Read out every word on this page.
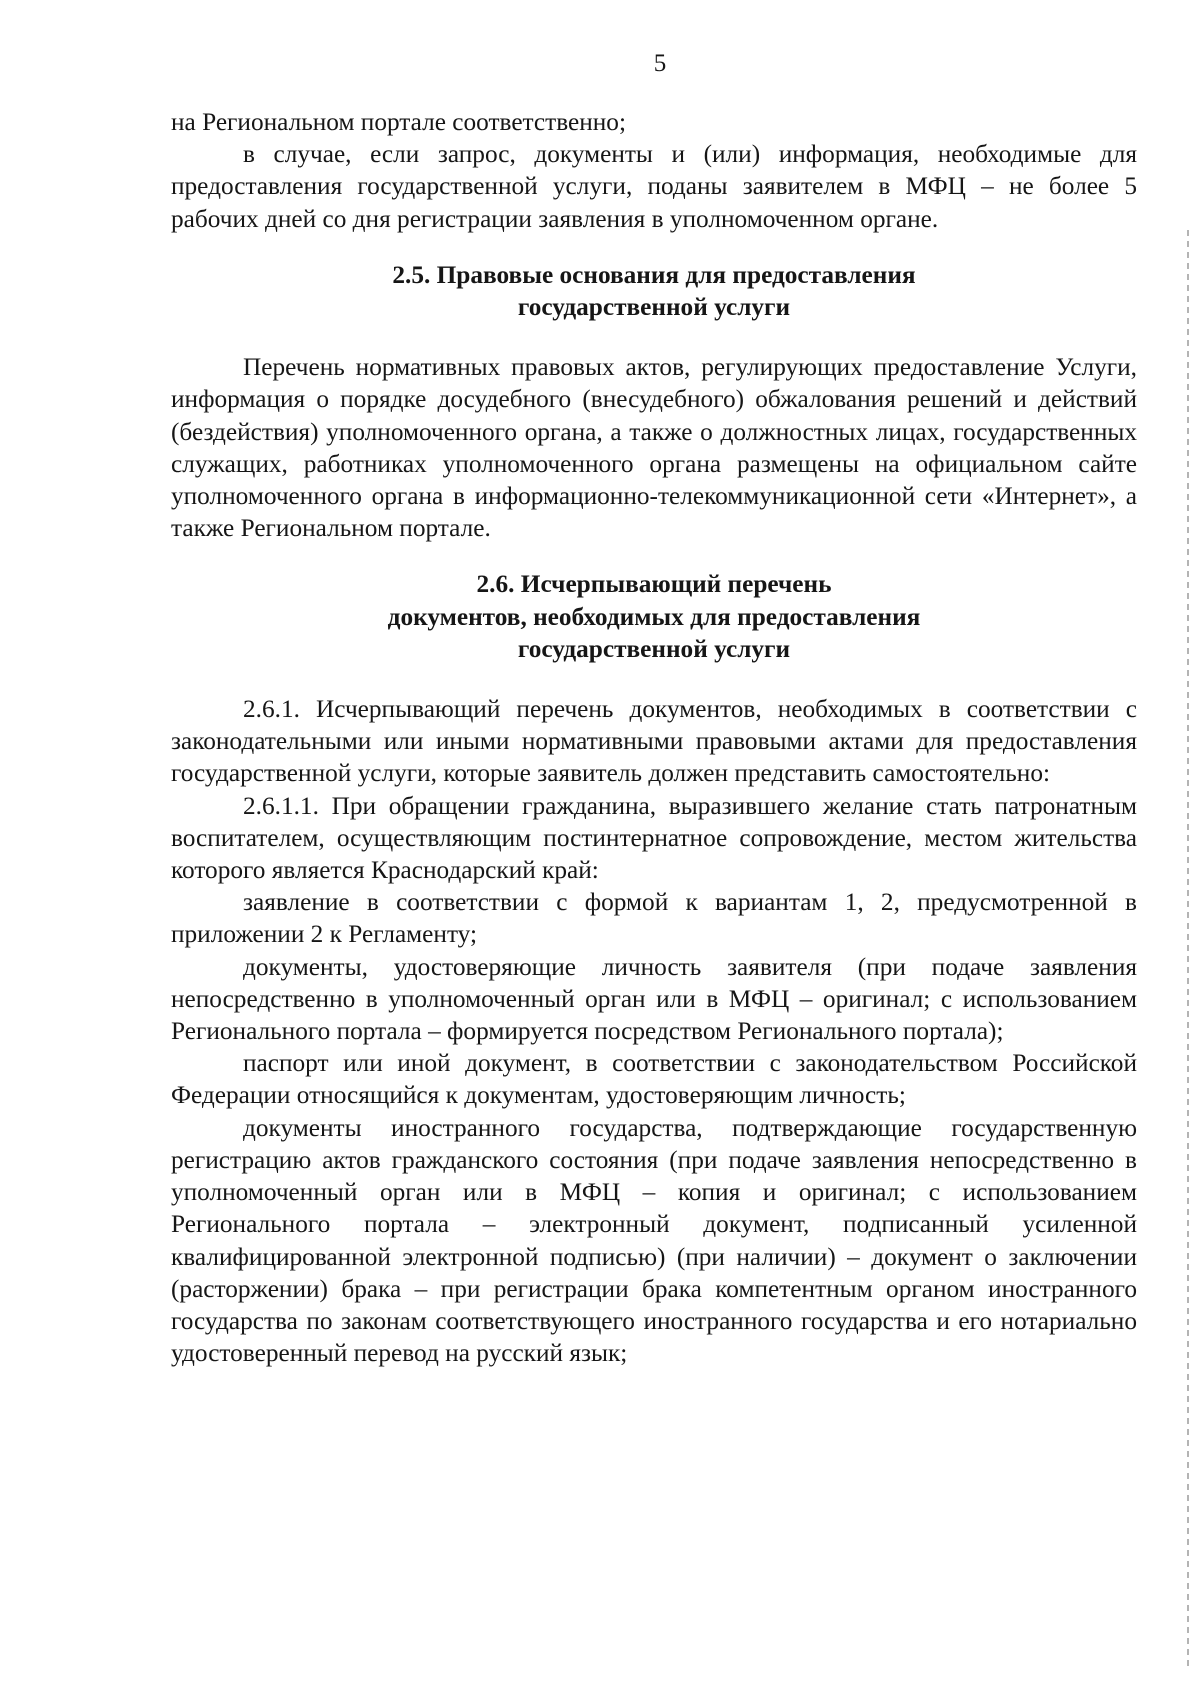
5

на Региональном портале соответственно;

в случае, если запрос, документы и (или) информация, необходимые для предоставления государственной услуги, поданы заявителем в МФЦ – не более 5 рабочих дней со дня регистрации заявления в уполномоченном органе.

2.5. Правовые основания для предоставления
государственной услуги

Перечень нормативных правовых актов, регулирующих предоставление Услуги, информация о порядке досудебного (внесудебного) обжалования решений и действий (бездействия) уполномоченного органа, а также о должностных лицах, государственных служащих, работниках уполномоченного органа размещены на официальном сайте уполномоченного органа в информационно-телекоммуникационной сети «Интернет», а также Региональном портале.

2.6. Исчерпывающий перечень
документов, необходимых для предоставления
государственной услуги

2.6.1. Исчерпывающий перечень документов, необходимых в соответствии с законодательными или иными нормативными правовыми актами для предоставления государственной услуги, которые заявитель должен представить самостоятельно:

2.6.1.1. При обращении гражданина, выразившего желание стать патронатным воспитателем, осуществляющим постинтернатное сопровождение, местом жительства которого является Краснодарский край:

заявление в соответствии с формой к вариантам 1, 2, предусмотренной в приложении 2 к Регламенту;

документы, удостоверяющие личность заявителя (при подаче заявления непосредственно в уполномоченный орган или в МФЦ – оригинал; с использованием Регионального портала – формируется посредством Регионального портала);

паспорт или иной документ, в соответствии с законодательством Российской Федерации относящийся к документам, удостоверяющим личность;

документы иностранного государства, подтверждающие государственную регистрацию актов гражданского состояния (при подаче заявления непосредственно в уполномоченный орган или в МФЦ – копия и оригинал; с использованием Регионального портала – электронный документ, подписанный усиленной квалифицированной электронной подписью) (при наличии) – документ о заключении (расторжении) брака – при регистрации брака компетентным органом иностранного государства по законам соответствующего иностранного государства и его нотариально удостоверенный перевод на русский язык;
